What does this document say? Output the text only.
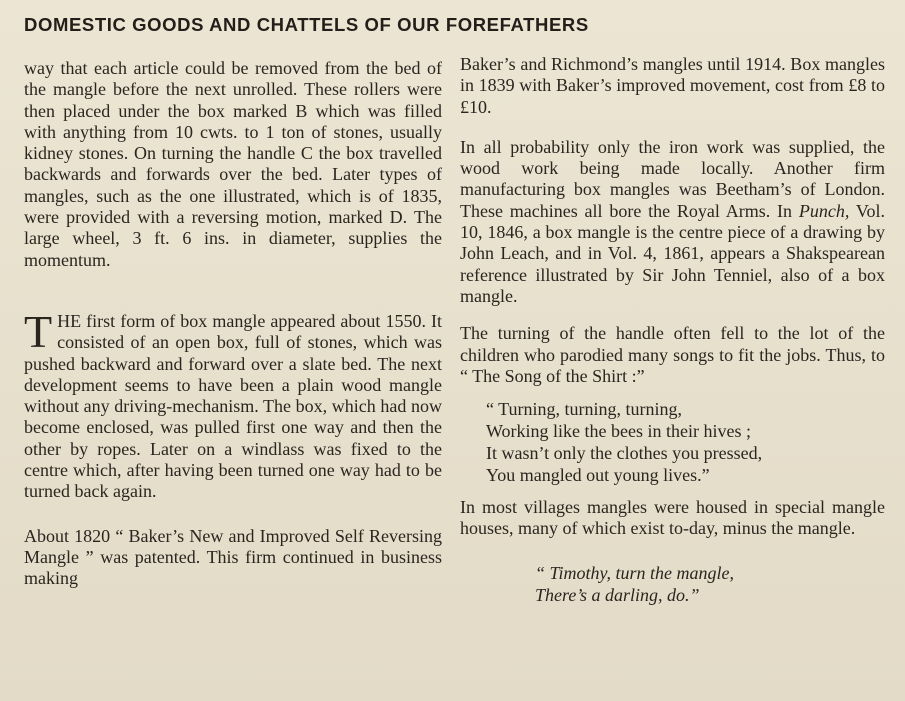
DOMESTIC GOODS AND CHATTELS OF OUR FOREFATHERS

way that each article could be removed from the bed of the mangle before the next unrolled. These rollers were then placed under the box marked B which was filled with anything from 10 cwts. to 1 ton of stones, usually kidney stones. On turning the handle C the box travelled backwards and forwards over the bed. Later types of mangles, such as the one illustrated, which is of 1835, were provided with a reversing motion, marked D. The large wheel, 3 ft. 6 ins. in diameter, supplies the momentum.

THE first form of box mangle appeared about 1550. It consisted of an open box, full of stones, which was pushed backward and forward over a slate bed. The next development seems to have been a plain wood mangle without any driving-mechanism. The box, which had now become enclosed, was pulled first one way and then the other by ropes. Later on a windlass was fixed to the centre which, after having been turned one way had to be turned back again.

About 1820 “ Baker’s New and Improved Self Reversing Mangle ” was patented. This firm continued in business making

Baker’s and Richmond’s mangles until 1914. Box mangles in 1839 with Baker’s improved movement, cost from £8 to £10.

In all probability only the iron work was supplied, the wood work being made locally. Another firm manufacturing box mangles was Beetham’s of London. These machines all bore the Royal Arms. In Punch, Vol. 10, 1846, a box mangle is the centre piece of a drawing by John Leach, and in Vol. 4, 1861, appears a Shakspearean reference illustrated by Sir John Tenniel, also of a box mangle.

The turning of the handle often fell to the lot of the children who parodied many songs to fit the jobs. Thus, to “ The Song of the Shirt :”

“ Turning, turning, turning,
Working like the bees in their hives ;
It wasn’t only the clothes you pressed,
You mangled out young lives.”

In most villages mangles were housed in special mangle houses, many of which exist to-day, minus the mangle.

“ Timothy, turn the mangle,
There’s a darling, do.”
